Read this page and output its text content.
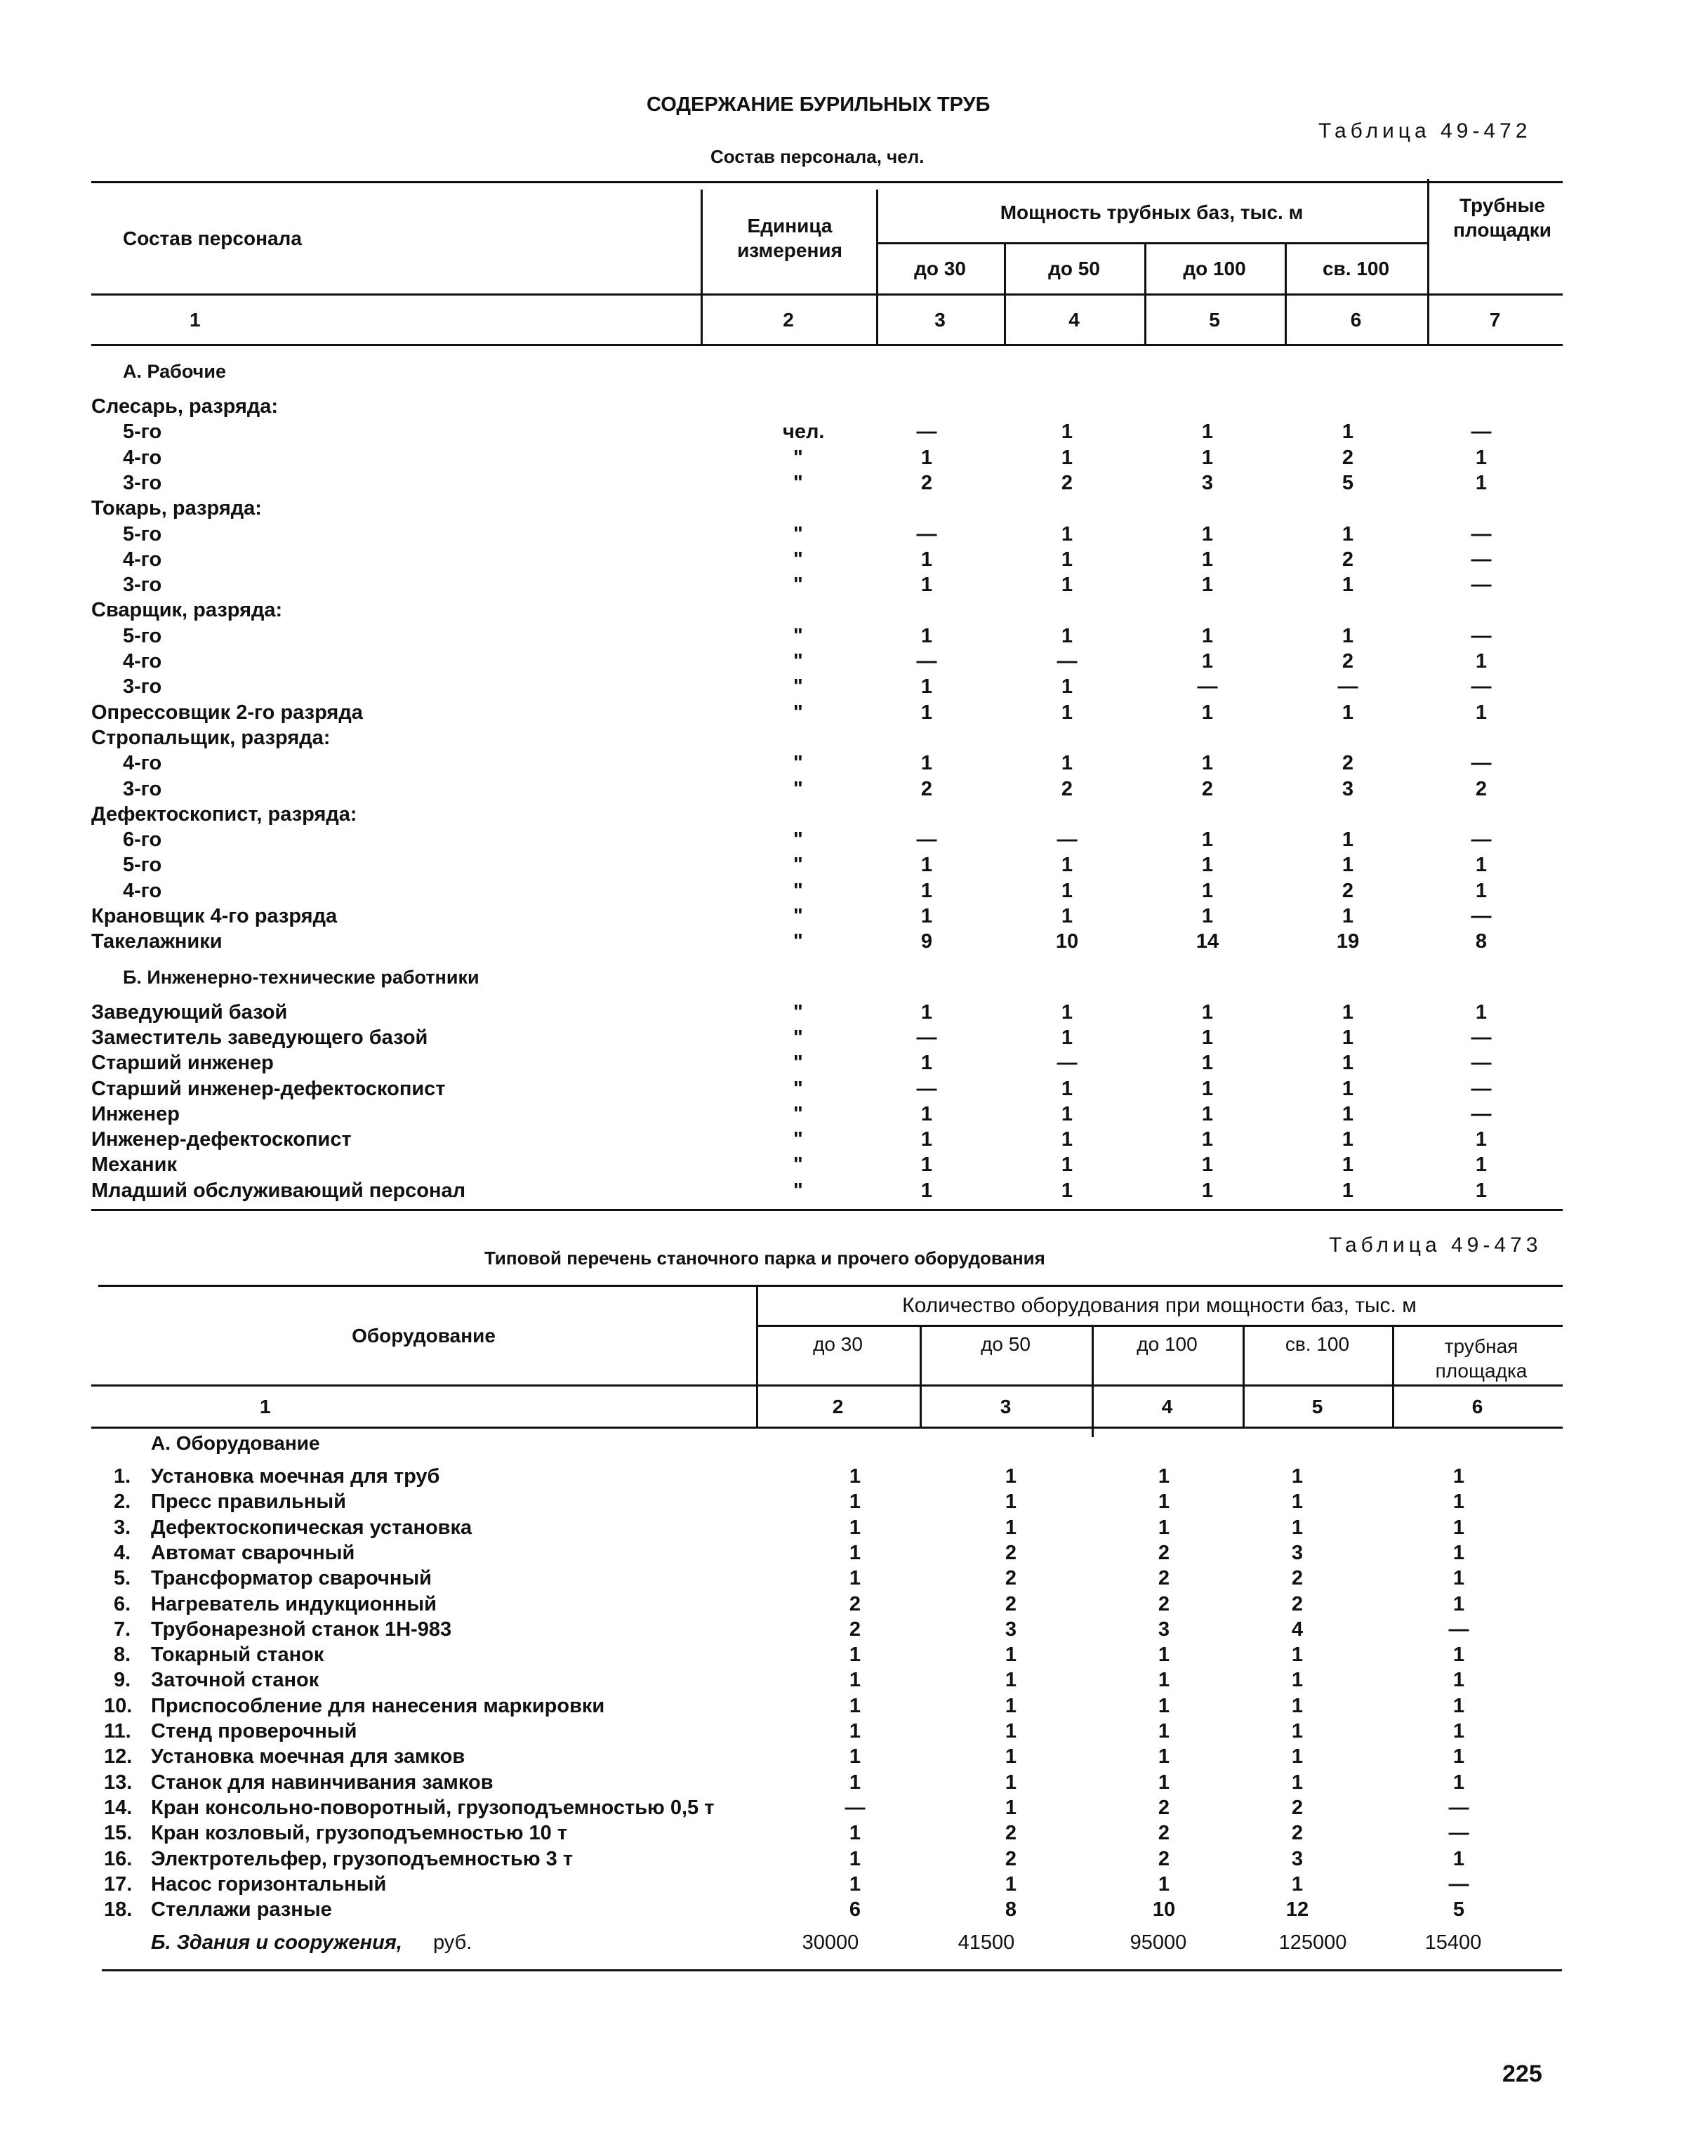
СОДЕРЖАНИЕ БУРИЛЬНЫХ ТРУБ
Таблица 49-472
Состав персонала, чел.
Состав персонала
Единица измерения
Мощность трубных баз, тыс. м
до 30	до 50	до 100	св. 100
Трубные площадки
1	2	3	4	5	6	7
А. Рабочие
Слесарь, разряда:
5-го	чел.	—	1	1	1	—
4-го	"	1	1	1	2	1
3-го	"	2	2	3	5	1
Токарь, разряда:
5-го	"	—	1	1	1	—
4-го	"	1	1	1	2	—
3-го	"	1	1	1	1	—
Сварщик, разряда:
5-го	"	1	1	1	1	—
4-го	"	—	—	1	2	1
3-го	"	1	1	—	—	—
Опрессовщик 2-го разряда	"	1	1	1	1	1
Стропальщик, разряда:
4-го	"	1	1	1	2	—
3-го	"	2	2	2	3	2
Дефектоскопист, разряда:
6-го	"	—	—	1	1	—
5-го	"	1	1	1	1	1
4-го	"	1	1	1	2	1
Крановщик 4-го разряда	"	1	1	1	1	—
Такелажники	"	9	10	14	19	8
Б. Инженерно-технические работники
Заведующий базой	"	1	1	1	1	1
Заместитель заведующего базой	"	—	1	1	1	—
Старший инженер	"	1	—	1	1	—
Старший инженер-дефектоскопист	"	—	1	1	1	—
Инженер	"	1	1	1	1	—
Инженер-дефектоскопист	"	1	1	1	1	1
Механик	"	1	1	1	1	1
Младший обслуживающий персонал	"	1	1	1	1	1
Таблица 49-473
Типовой перечень станочного парка и прочего оборудования
Оборудование
Количество оборудования при мощности баз, тыс. м
до 30	до 50	до 100	св. 100	трубная площадка
1	2	3	4	5	6
А. Оборудование
1. Установка моечная для труб	1	1	1	1	1
2. Пресс правильный	1	1	1	1	1
3. Дефектоскопическая установка	1	1	1	1	1
4. Автомат сварочный	1	2	2	3	1
5. Трансформатор сварочный	1	2	2	2	1
6. Нагреватель индукционный	2	2	2	2	1
7. Трубонарезной станок 1Н-983	2	3	3	4	—
8. Токарный станок	1	1	1	1	1
9. Заточной станок	1	1	1	1	1
10. Приспособление для нанесения маркировки	1	1	1	1	1
11. Стенд проверочный	1	1	1	1	1
12. Установка моечная для замков	1	1	1	1	1
13. Станок для навинчивания замков	1	1	1	1	1
14. Кран консольно-поворотный, грузоподъемностью 0,5 т	—	1	2	2	—
15. Кран козловый, грузоподъемностью 10 т	1	2	2	2	—
16. Электротельфер, грузоподъемностью 3 т	1	2	2	3	1
17. Насос горизонтальный	1	1	1	1	—
18. Стеллажи разные	6	8	10	12	5
Б. Здания и сооружения, руб.	30000	41500	95000	125000	15400
225
